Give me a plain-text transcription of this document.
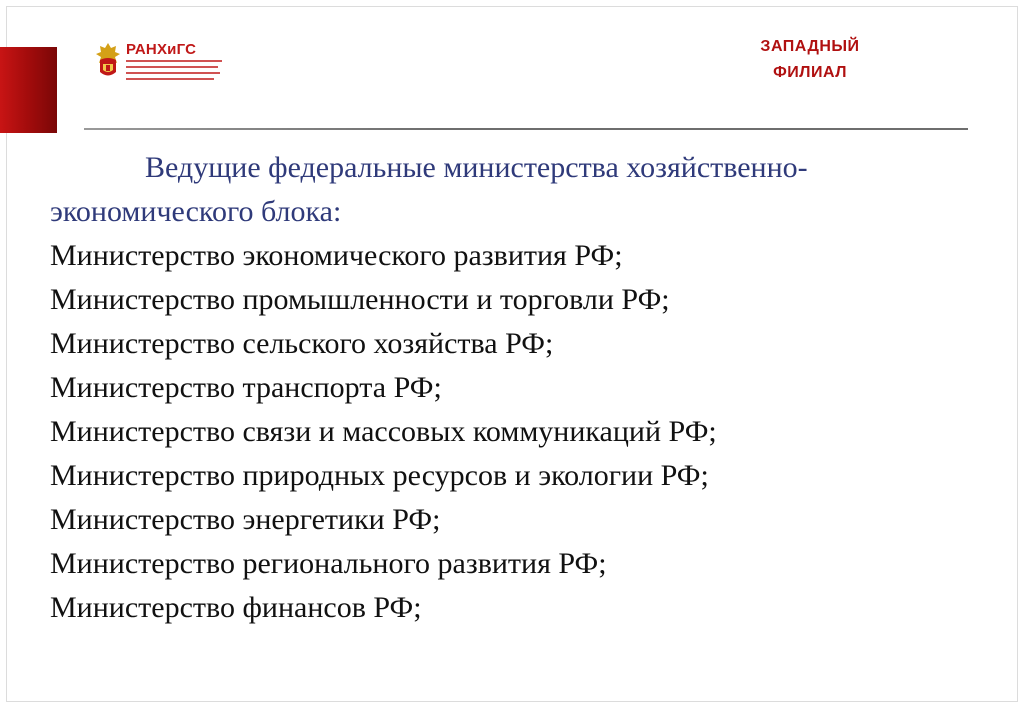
РАНХиГС	ЗАПАДНЫЙ
ФИЛИАЛ
Ведущие федеральные министерства хозяйственно-
экономического блока:
Министерство экономического развития РФ;
Министерство промышленности и торговли РФ;
Министерство сельского хозяйства РФ;
Министерство транспорта РФ;
Министерство связи и массовых коммуникаций РФ;
Министерство природных ресурсов и экологии РФ;
Министерство энергетики РФ;
Министерство регионального развития РФ;
Министерство финансов РФ;
